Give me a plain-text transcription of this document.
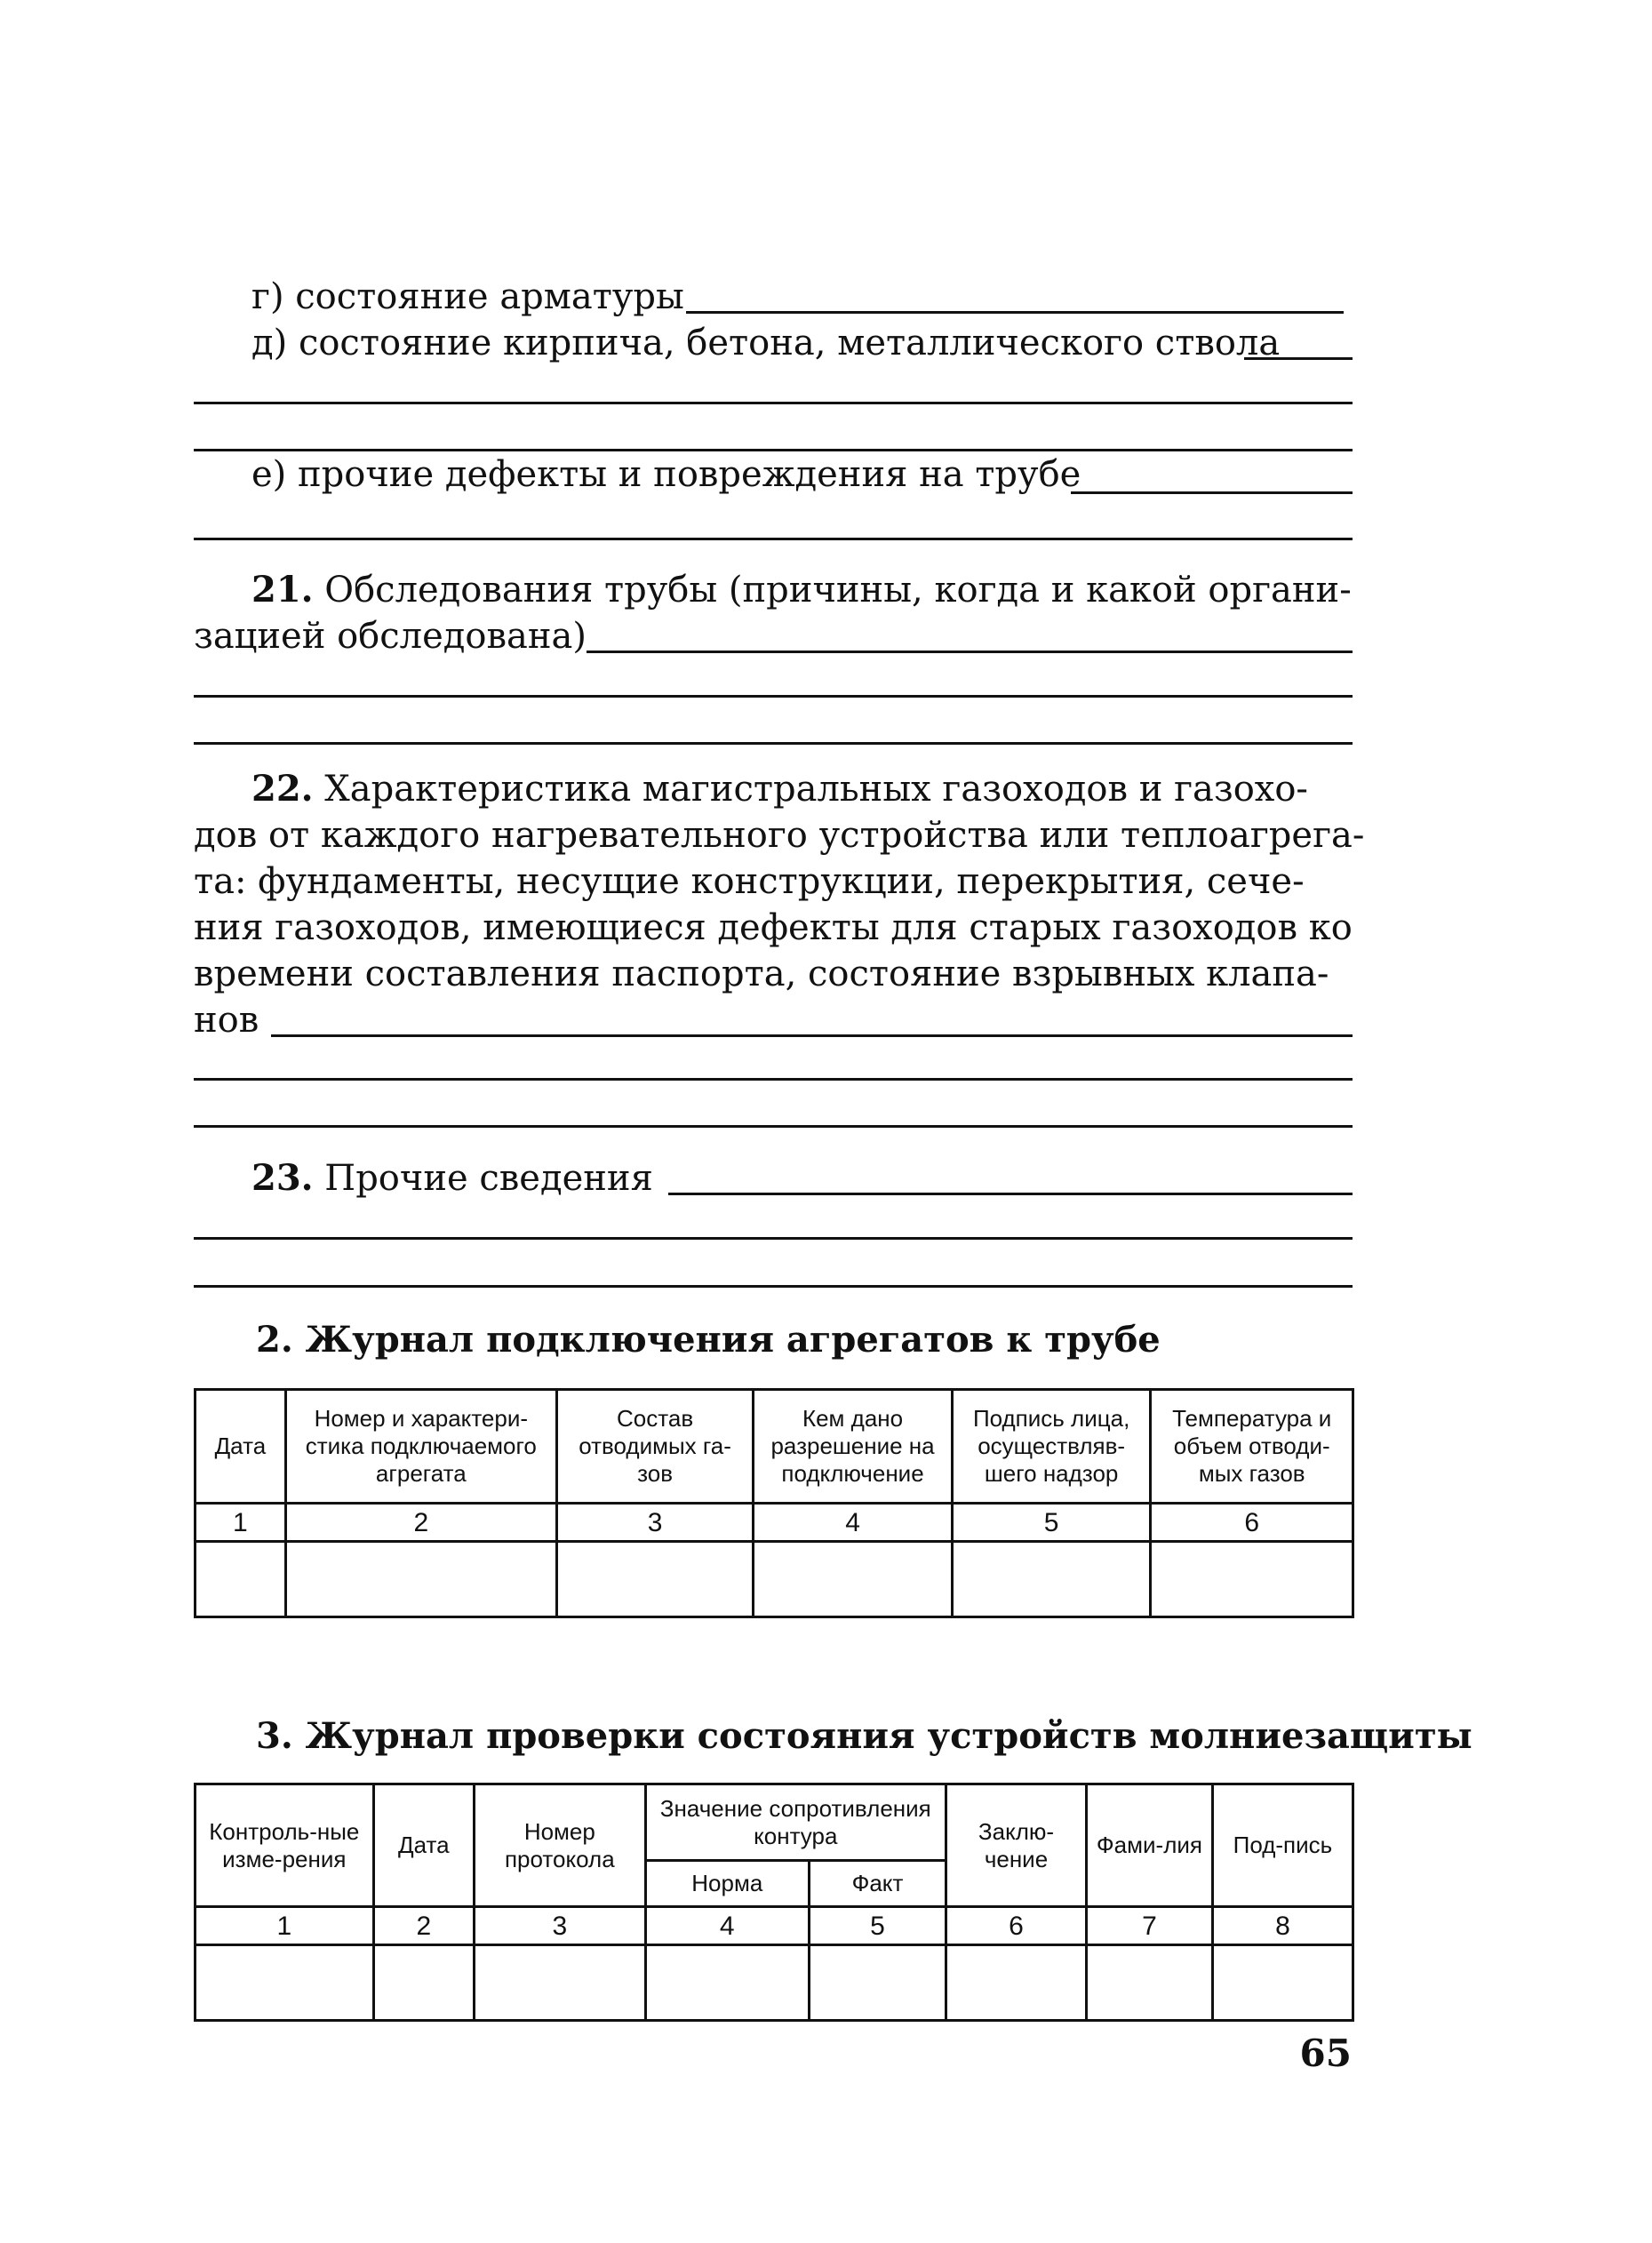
г) состояние арматуры
д) состояние кирпича, бетона, металлического ствола
е) прочие дефекты и повреждения на трубе
21. Обследования трубы (причины, когда и какой органи-
зацией обследована)
22. Характеристика магистральных газоходов и газохо-
дов от каждого нагревательного устройства или теплоагрега-
та: фундаменты, несущие конструкции, перекрытия, сече-
ния газоходов, имеющиеся дефекты для старых газоходов ко
времени составления паспорта, состояние взрывных клапа-
нов
23. Прочие сведения
2. Журнал подключения агрегатов к трубе
Дата	Номер и характери-стика подключаемого агрегата	Состав отводимых га-зов	Кем дано разрешение на подключение	Подпись лица, осуществляв-шего надзор	Температура и объем отводи-мых газов
1	2	3	4	5	6

3. Журнал проверки состояния устройств молниезащиты
Контроль-ные изме-рения	Дата	Номер протокола	Значение сопротивления контура		Заклю-чение	Фами-лия	Под-пись
			Норма	Факт			
1	2	3	4	5	6	7	8

65
